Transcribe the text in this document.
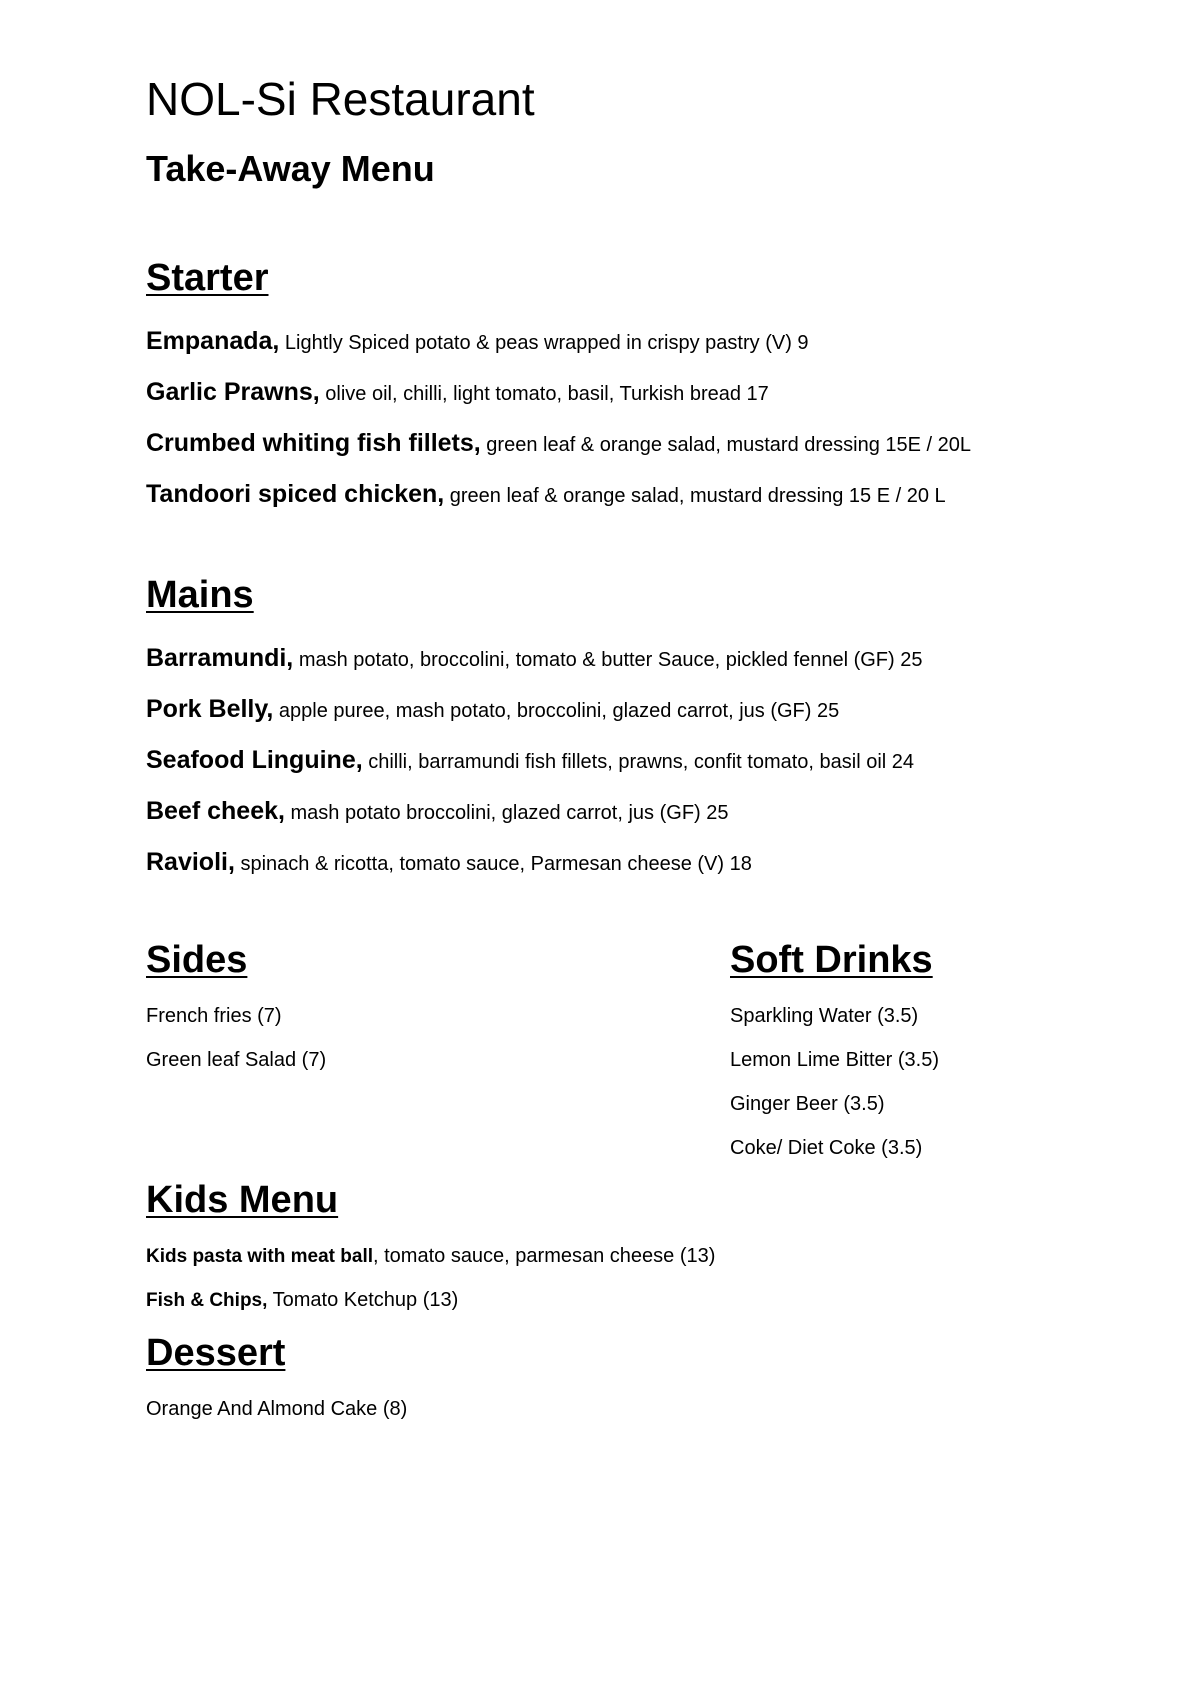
NOL-Si Restaurant
Take-Away Menu
Starter
Empanada, Lightly Spiced potato & peas wrapped in crispy pastry (V) 9
Garlic Prawns, olive oil, chilli, light tomato, basil, Turkish bread 17
Crumbed whiting fish fillets, green leaf & orange salad, mustard dressing 15E / 20L
Tandoori spiced chicken, green leaf & orange salad, mustard dressing 15 E / 20 L
Mains
Barramundi, mash potato, broccolini, tomato & butter Sauce, pickled fennel (GF) 25
Pork Belly, apple puree, mash potato, broccolini, glazed carrot, jus (GF) 25
Seafood Linguine, chilli, barramundi fish fillets, prawns, confit tomato, basil oil 24
Beef cheek, mash potato broccolini, glazed carrot, jus (GF) 25
Ravioli, spinach & ricotta, tomato sauce, Parmesan cheese (V) 18
Sides
French fries (7)
Green leaf Salad (7)
Soft Drinks
Sparkling Water (3.5)
Lemon Lime Bitter (3.5)
Ginger Beer (3.5)
Coke/ Diet Coke (3.5)
Kids Menu
Kids pasta with meat ball, tomato sauce, parmesan cheese (13)
Fish & Chips, Tomato Ketchup (13)
Dessert
Orange And Almond Cake (8)
